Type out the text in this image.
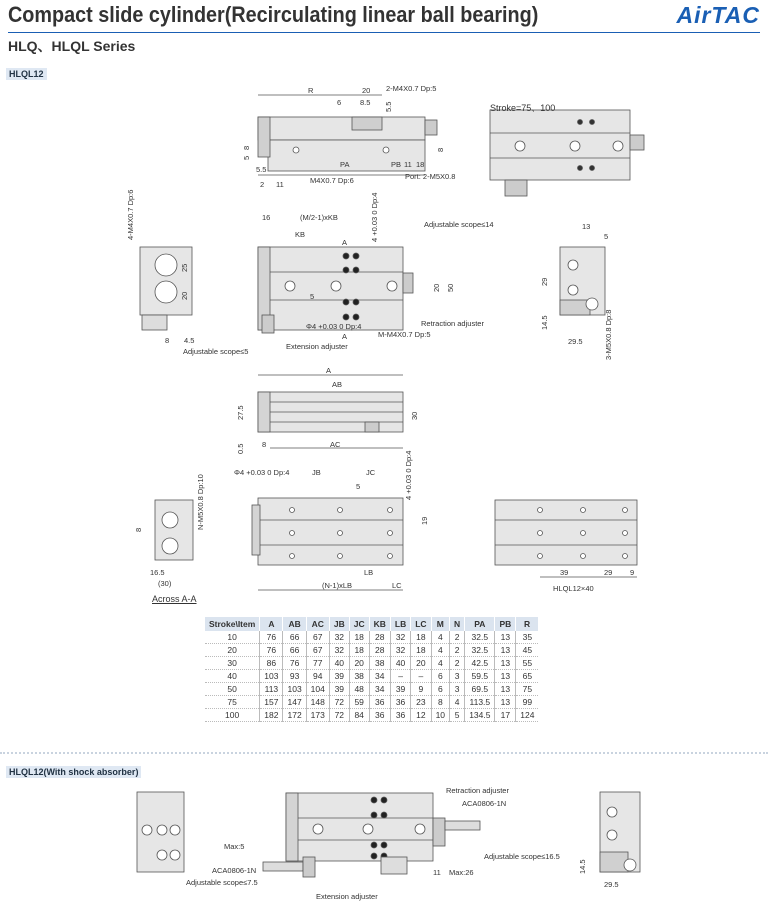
Compact slide cylinder(Recirculating linear ball bearing)	AirTAC
HLQ、HLQL Series
HLQL12
R	20 2-M4X0.7 Dp:5
6	8.5 5.5
5
8	8
5.5
PA	PB 11 18
2 11	M4X0.7 Dp:6	Port: 2-M5X0.8
Stroke=75、100
4-M4X0.7 Dp:6	16	(M/2-1)xKB
KB
A
A
4 +0.03 0 Dp:4	Adjustable scope≤14
20 50
5
Φ4 +0.03 0 Dp:4
M-M4X0.7 Dp:5
Retraction adjuster
Extension adjuster
25
20
8 4.5
Adjustable scope≤5
13
5
29
14.5
29.5	3-M5X0.8 Dp:8
A
AB
27.5
0.5 8
30
AC
Φ4 +0.03 0 Dp:4	JB	JC
5	4 +0.03 0 Dp:4
19
N-M5X0.8 Dp:10
8
16.5
(30)
Across A-A
(N-1)xLB
LB
LC
39	29 9
HLQL12×40
Stroke\Item	A	AB	AC	JB	JC	KB	LB	LC	M	N	PA	PB	R
10	76	66	67	32	18	28	32	18	4	2	32.5	13	35
20	76	66	67	32	18	28	32	18	4	2	32.5	13	45
30	86	76	77	40	20	38	40	20	4	2	42.5	13	55
40	103	93	94	39	38	34	–	–	6	3	59.5	13	65
50	113	103	104	39	48	34	39	9	6	3	69.5	13	75
75	157	147	148	72	59	36	36	23	8	4	113.5	13	99
100	182	172	173	72	84	36	36	12	10	5	134.5	17	124
HLQL12(With shock absorber)
Retraction adjuster
ACA0806-1N
Max:5
ACA0806-1N
Adjustable scope≤7.5
Extension adjuster
11 Max:26
Adjustable scope≤16.5
14.5
29.5
